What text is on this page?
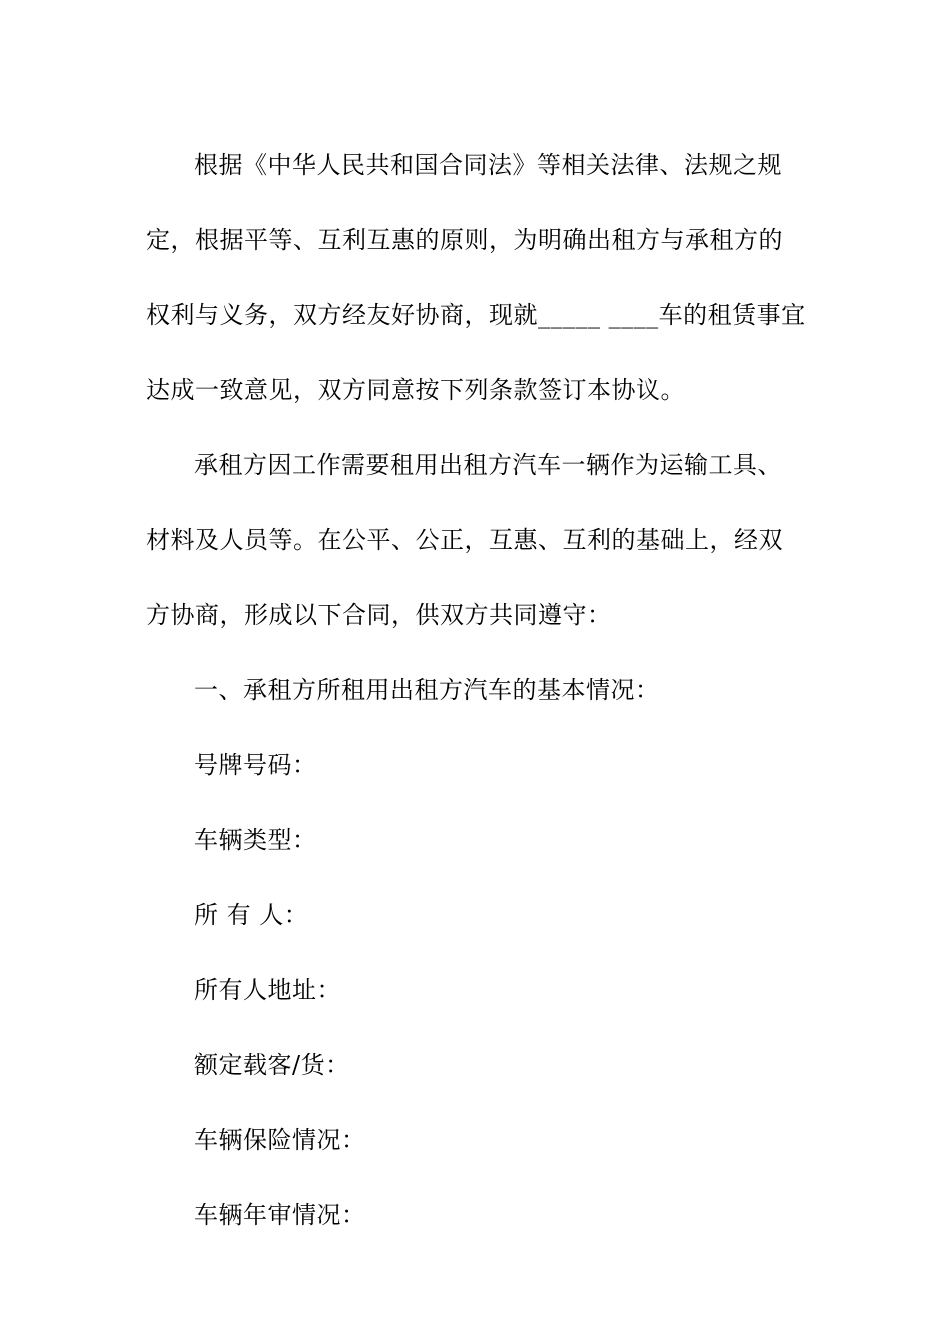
根据《中华人民共和国合同法》等相关法律、法规之规定，根据平等、互利互惠的原则，为明确出租方与承租方的权利与义务，双方经友好协商，现就_____ ____车的租赁事宜达成一致意见，双方同意按下列条款签订本协议。

承租方因工作需要租用出租方汽车一辆作为运输工具、材料及人员等。在公平、公正，互惠、互利的基础上，经双方协商，形成以下合同，供双方共同遵守：

一、承租方所租用出租方汽车的基本情况：

号牌号码：

车辆类型：

所 有 人：

所有人地址：

额定载客/货：

车辆保险情况：

车辆年审情况：
